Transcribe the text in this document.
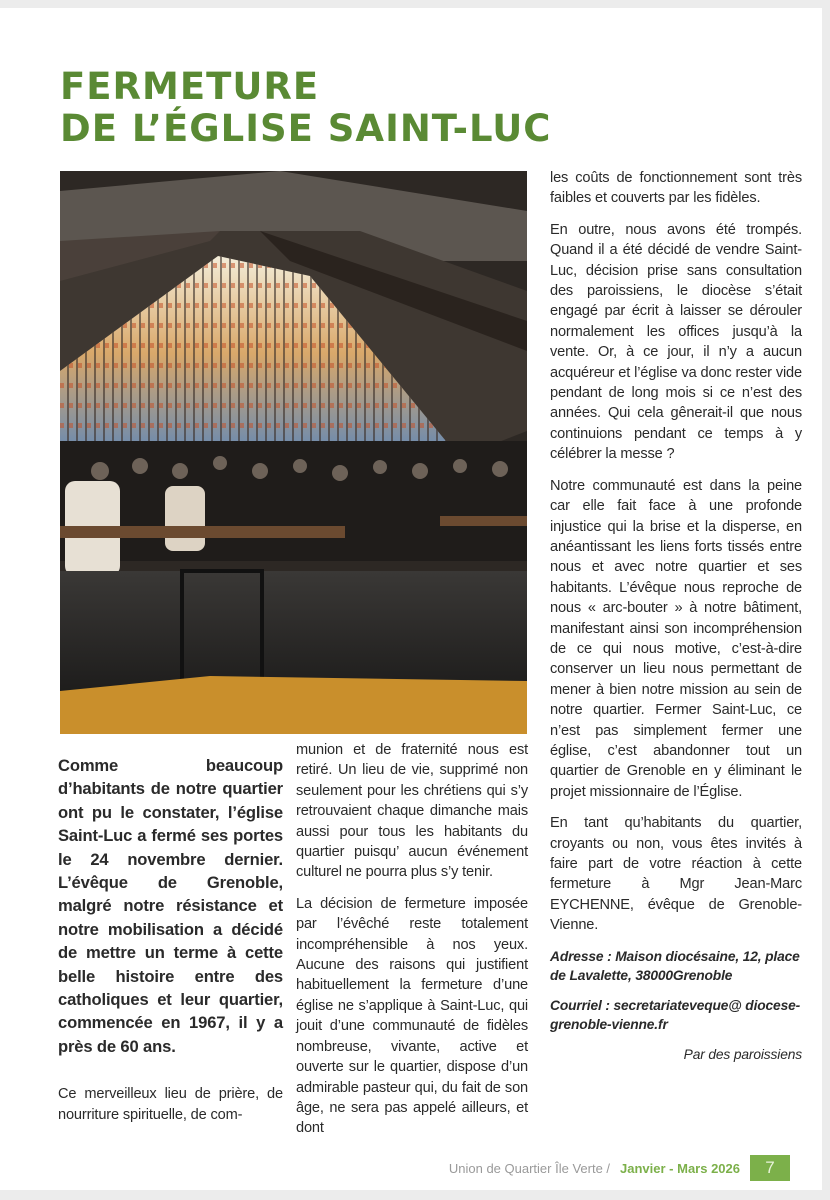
FERMETURE
DE L’ÉGLISE SAINT-LUC

Comme beaucoup d’habitants de notre quartier ont pu le constater, l’église Saint-Luc a fermé ses portes le 24 novembre dernier. L’évêque de Grenoble, malgré notre résistance et notre mobilisation a décidé de mettre un terme à cette belle histoire entre des catholiques et leur quartier, commencée en 1967, il y a près de 60 ans.

Ce merveilleux lieu de prière, de nourriture spirituelle, de com-

munion et de fraternité nous est retiré. Un lieu de vie, supprimé non seulement pour les chrétiens qui s’y retrouvaient chaque dimanche mais aussi pour tous les habitants du quartier puisqu’ aucun événement culturel ne pourra plus s’y tenir.

La décision de fermeture imposée par l’évêché reste totalement incompréhensible à nos yeux. Aucune des raisons qui justifient habituellement la fermeture d’une église ne s’applique à Saint-Luc, qui jouit d’une communauté de fidèles nombreuse, vivante, active et ouverte sur le quartier, dispose d’un admirable pasteur qui, du fait de son âge, ne sera pas appelé ailleurs, et dont

les coûts de fonctionnement sont très faibles et couverts par les fidèles.

En outre, nous avons été trompés. Quand il a été décidé de vendre Saint-Luc, décision prise sans consultation des paroissiens, le diocèse s’était engagé par écrit à laisser se dérouler normalement les offices jusqu’à la vente. Or, à ce jour, il n’y a aucun acquéreur et l’église va donc rester vide pendant de long mois si ce n’est des années. Qui cela gênerait-il que nous continuions pendant ce temps à y célébrer la messe ?

Notre communauté est dans la peine car elle fait face à une profonde injustice qui la brise et la disperse, en anéantissant les liens forts tissés entre nous et avec notre quartier et ses habitants. L’évêque nous reproche de nous « arc-bouter » à notre bâtiment, manifestant ainsi son incompréhension de ce qui nous motive, c’est-à-dire conserver un lieu nous permettant de mener à bien notre mission au sein de notre quartier. Fermer Saint-Luc, ce n’est pas simplement fermer une église, c’est abandonner tout un quartier de Grenoble en y éliminant le projet missionnaire de l’Église.

En tant qu’habitants du quartier, croyants ou non, vous êtes invités à faire part de votre réaction à cette fermeture à Mgr Jean-Marc EYCHENNE, évêque de Grenoble-Vienne.

Adresse : Maison diocésaine, 12, place de Lavalette, 38000Grenoble

Courriel : secretariateveque@ diocese-grenoble-vienne.fr

Par des paroissiens

Union de Quartier Île Verte / Janvier - Mars 2026	7
